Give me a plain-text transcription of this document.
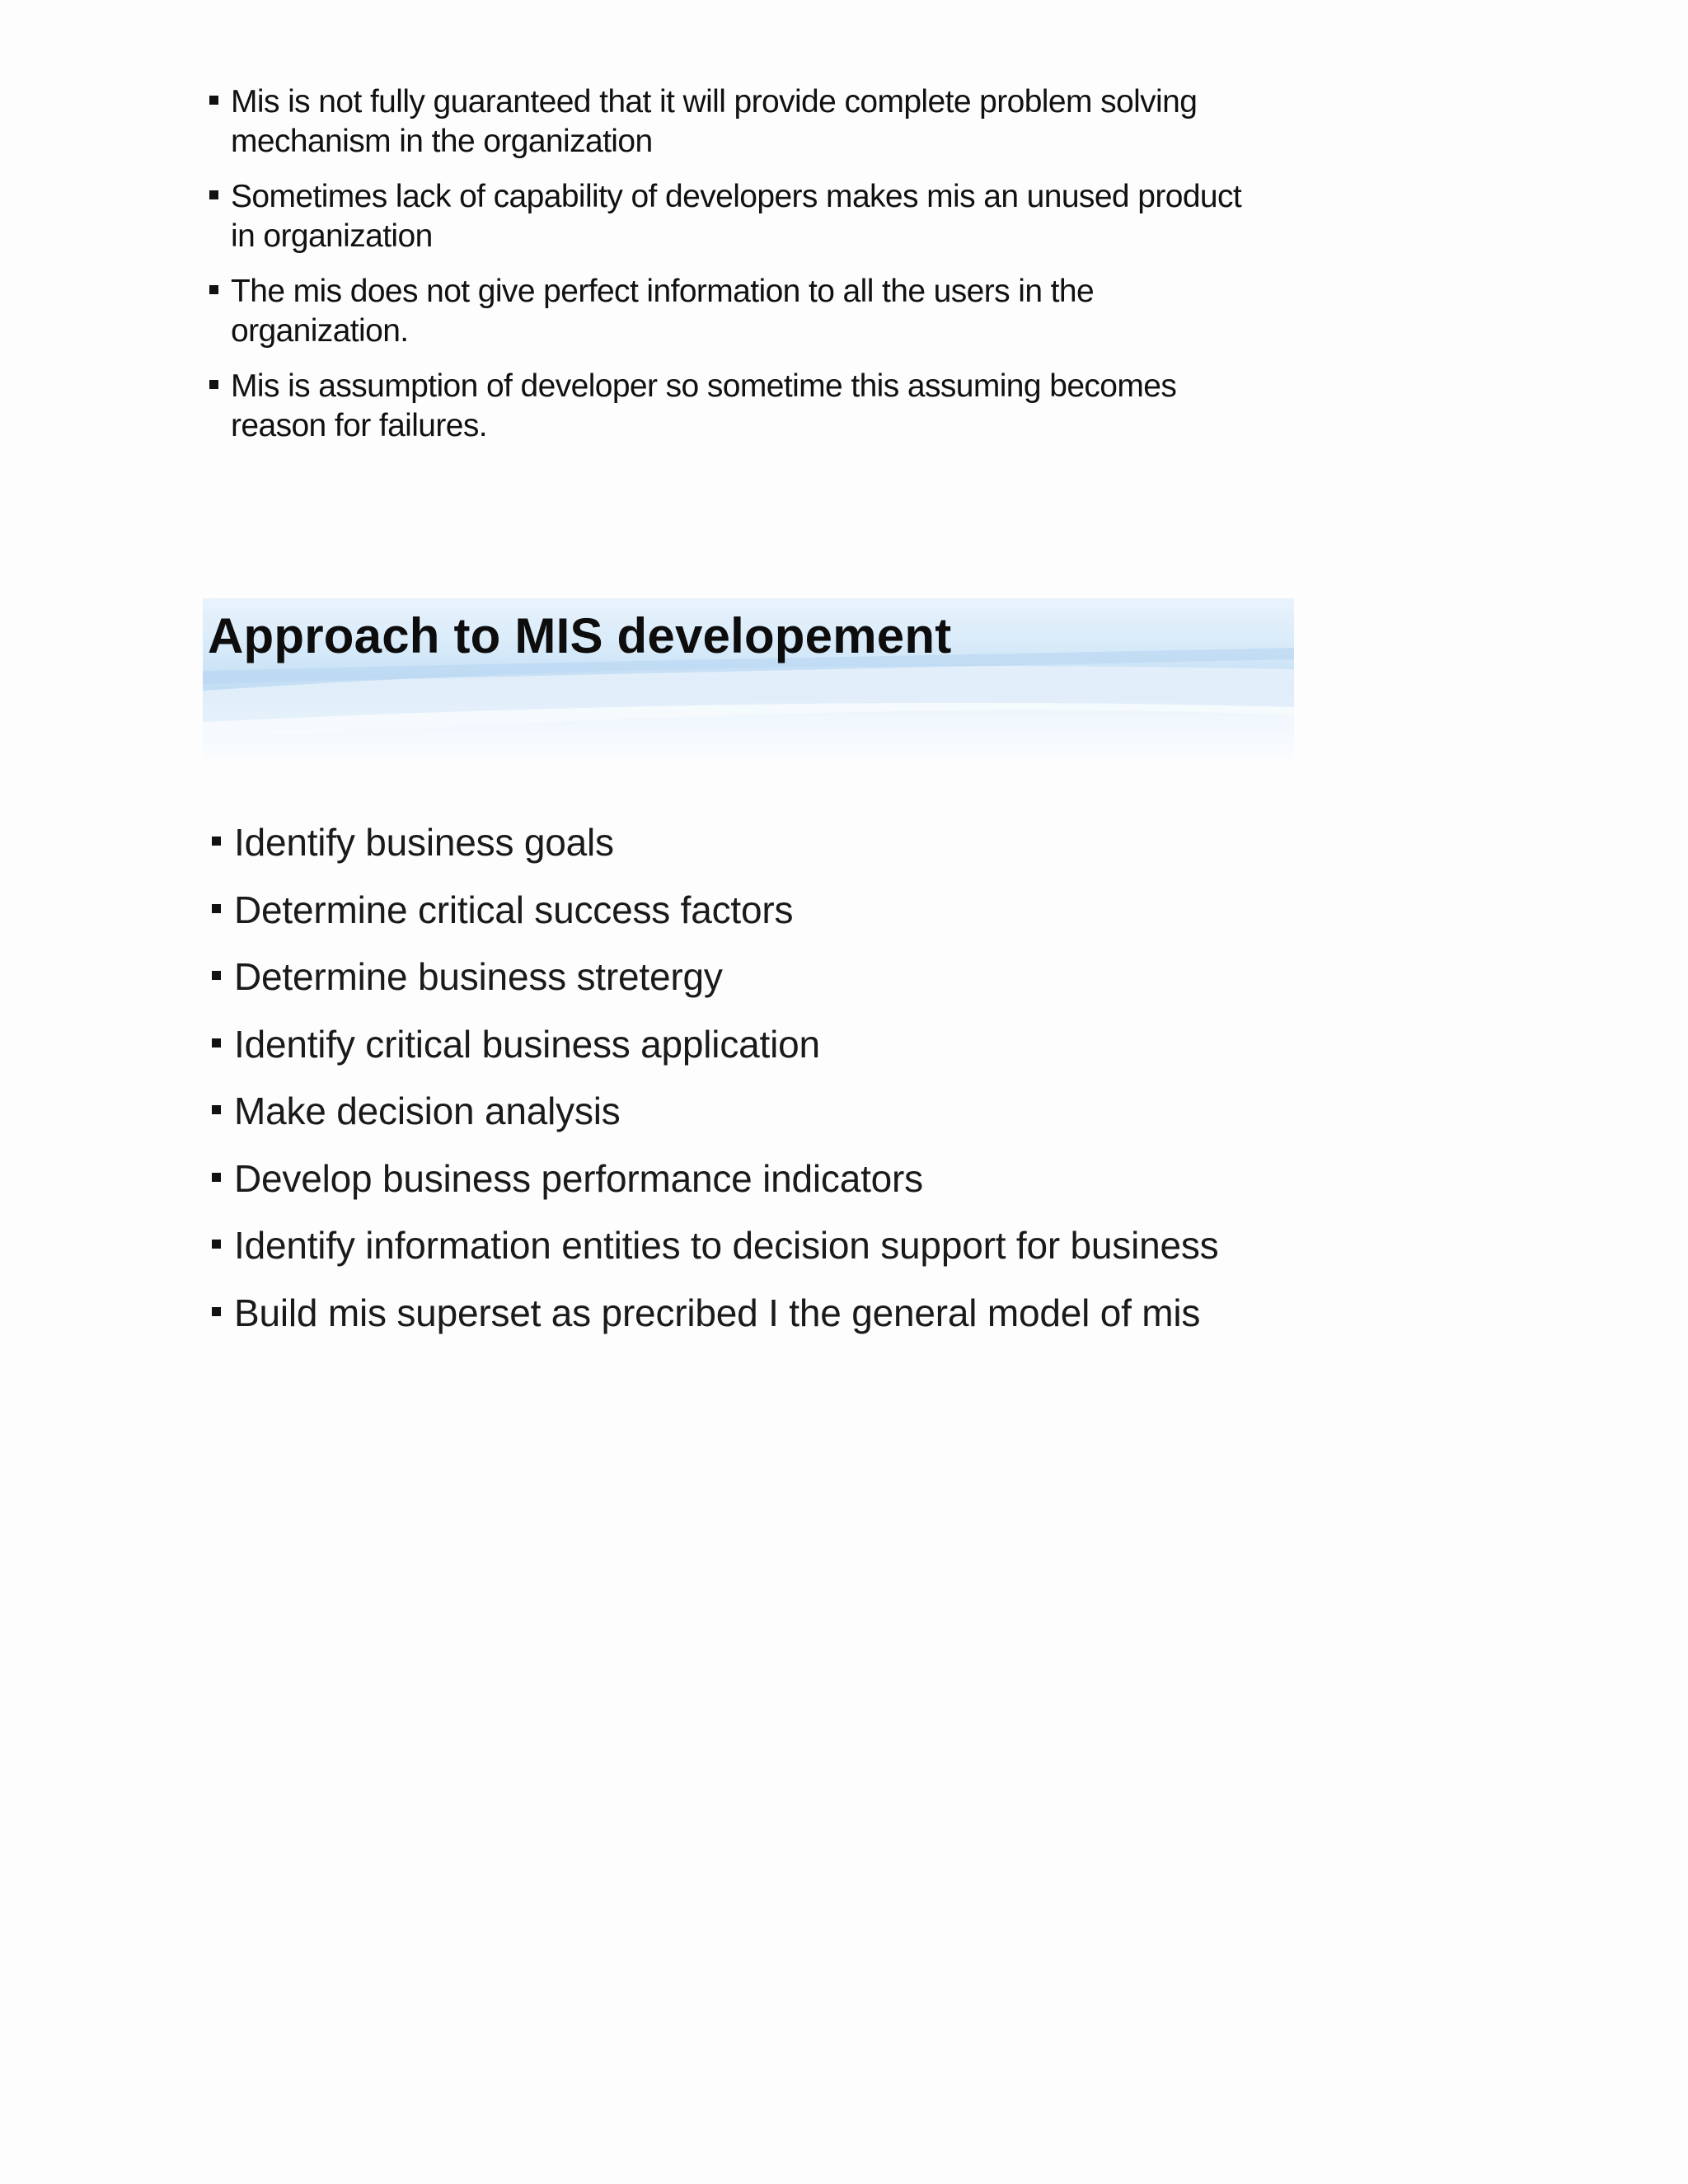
Mis is not fully guaranteed that it will provide complete problem solving
mechanism in the organization
Sometimes lack of capability of developers makes mis an unused product
in organization
The mis does not give perfect information to all the users in the
organization.
Mis is assumption of developer so sometime this assuming becomes
reason for failures.
Approach to MIS developement
Identify business goals
Determine critical success factors
Determine business stretergy
Identify critical business application
Make decision analysis
Develop business performance indicators
Identify information entities to decision support for business
Build mis superset as precribed I the general model of mis
